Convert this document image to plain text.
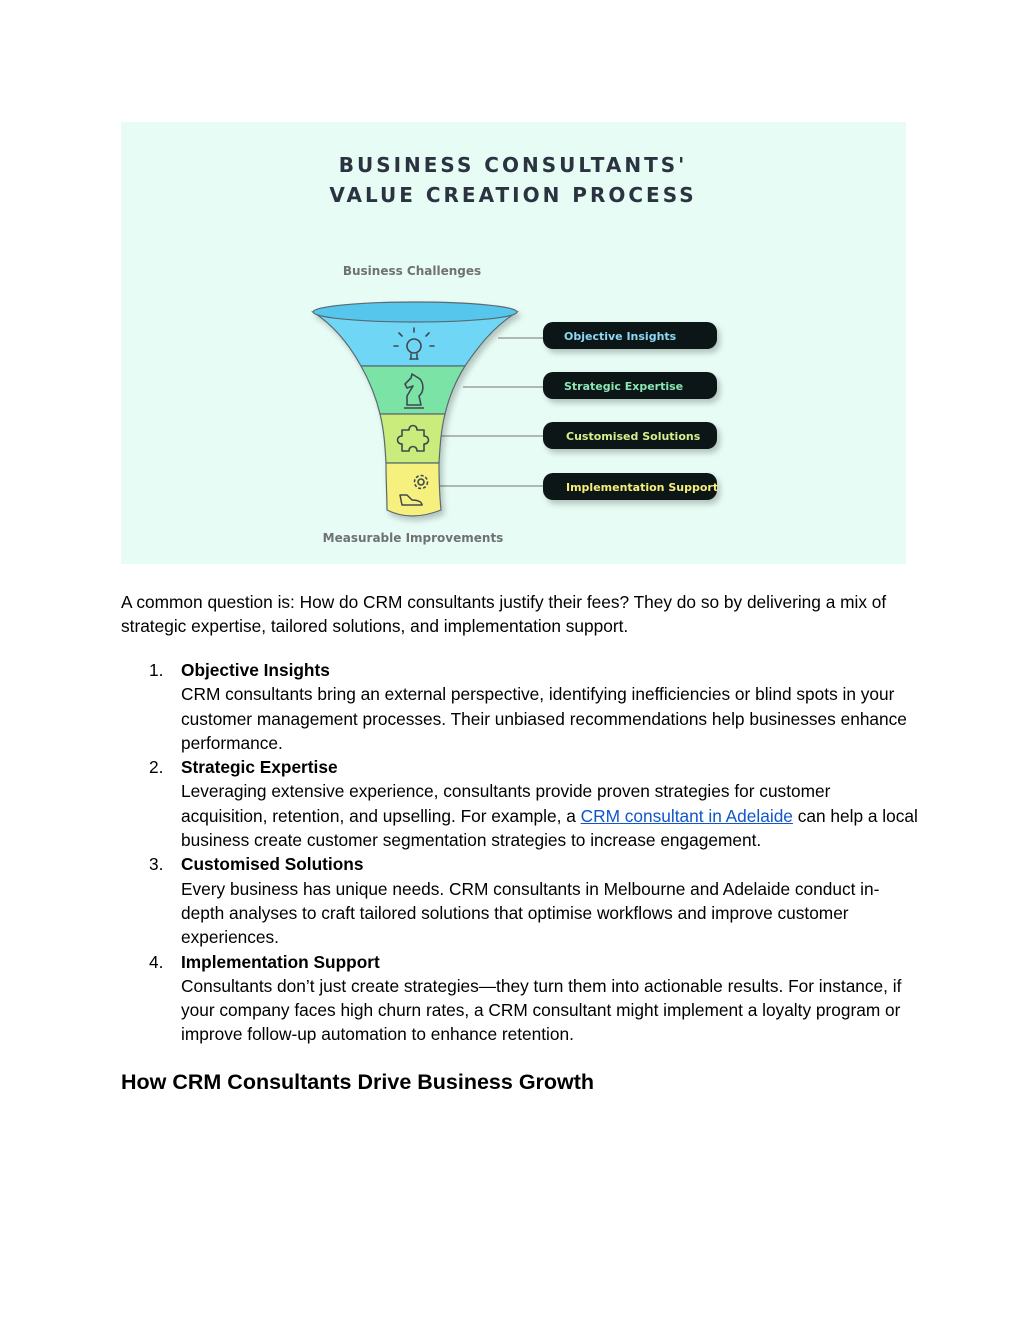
BUSINESS CONSULTANTS'
VALUE CREATION PROCESS
Business Challenges
Measurable Improvements
Objective Insights
Strategic Expertise
Customised Solutions
Implementation Support

A common question is: How do CRM consultants justify their fees? They do so by delivering a mix of strategic expertise, tailored solutions, and implementation support.

1. Objective Insights
CRM consultants bring an external perspective, identifying inefficiencies or blind spots in your customer management processes. Their unbiased recommendations help businesses enhance performance.
2. Strategic Expertise
Leveraging extensive experience, consultants provide proven strategies for customer acquisition, retention, and upselling. For example, a CRM consultant in Adelaide can help a local business create customer segmentation strategies to increase engagement.
3. Customised Solutions
Every business has unique needs. CRM consultants in Melbourne and Adelaide conduct in-depth analyses to craft tailored solutions that optimise workflows and improve customer experiences.
4. Implementation Support
Consultants don’t just create strategies—they turn them into actionable results. For instance, if your company faces high churn rates, a CRM consultant might implement a loyalty program or improve follow-up automation to enhance retention.
How CRM Consultants Drive Business Growth
